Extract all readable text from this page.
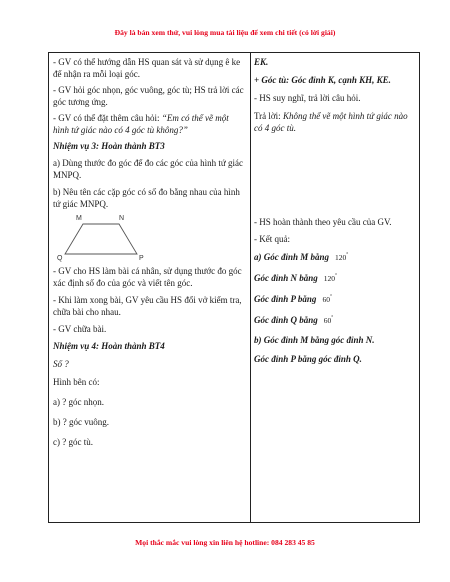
Đây là bản xem thử, vui lòng mua tài liệu để xem chi tiết (có lời giải)

- GV có thể hướng dẫn HS quan sát và sử dụng ê ke để nhận ra mỗi loại góc.

- GV hỏi góc nhọn, góc vuông, góc tù; HS trả lời các góc tương ứng.

- GV có thể đặt thêm câu hỏi: “Em có thể vẽ một hình tứ giác nào có 4 góc tù không?”

Nhiệm vụ 3: Hoàn thành BT3

a) Dùng thước đo góc để đo các góc của hình tứ giác MNPQ.

b) Nêu tên các cặp góc có số đo bằng nhau của hình tứ giác MNPQ.

M	N
Q	P

- GV cho HS làm bài cá nhân, sử dụng thước đo góc xác định số đo của góc và viết tên góc.

- Khi làm xong bài, GV yêu cầu HS đổi vở kiểm tra, chữa bài cho nhau.

- GV chữa bài.

Nhiệm vụ 4: Hoàn thành BT4

Số ?

Hình bên có:

a) ? góc nhọn.

b) ? góc vuông.

c) ? góc tù.

EK.

+ Góc tù: Góc đỉnh K, cạnh KH, KE.

- HS suy nghĩ, trả lời câu hỏi.

Trả lời: Không thể vẽ một hình tứ giác nào có 4 góc tù.

- HS hoàn thành theo yêu cầu của GV.

- Kết quả:

a) Góc đỉnh M bằng 120°

Góc đỉnh N bằng 120°

Góc đỉnh P bằng 60°

Góc đỉnh Q bằng 60°

b) Góc đỉnh M bằng góc đỉnh N.

Góc đỉnh P bằng góc đỉnh Q.

Mọi thắc mắc vui lòng xin liên hệ hotline: 084 283 45 85
